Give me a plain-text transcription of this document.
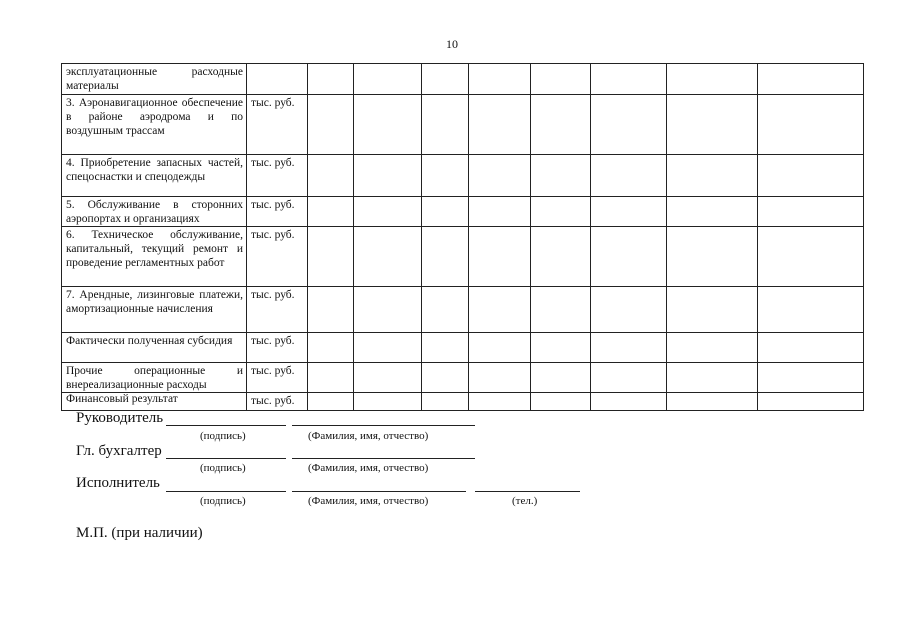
10
эксплуатационные расходные материалы									
3. Аэронавигационное обеспечение в районе аэродрома и по воздушным трассам	тыс. руб.								
4. Приобретение запасных частей, спецоснастки и спецодежды	тыс. руб.								
5. Обслуживание в сторонних аэропортах и организациях	тыс. руб.								
6. Техническое обслуживание, капитальный, текущий ремонт и проведение регламентных работ	тыс. руб.								
7. Арендные, лизинговые платежи, амортизационные начисления	тыс. руб.								
Фактически полученная субсидия	тыс. руб.								
Прочие операционные и внереализационные расходы	тыс. руб.								
Финансовый результат	тыс. руб.								
Руководитель
(подпись)	(Фамилия, имя, отчество)
Гл. бухгалтер
(подпись)	(Фамилия, имя, отчество)
Исполнитель
(подпись)	(Фамилия, имя, отчество)	(тел.)
М.П. (при наличии)
